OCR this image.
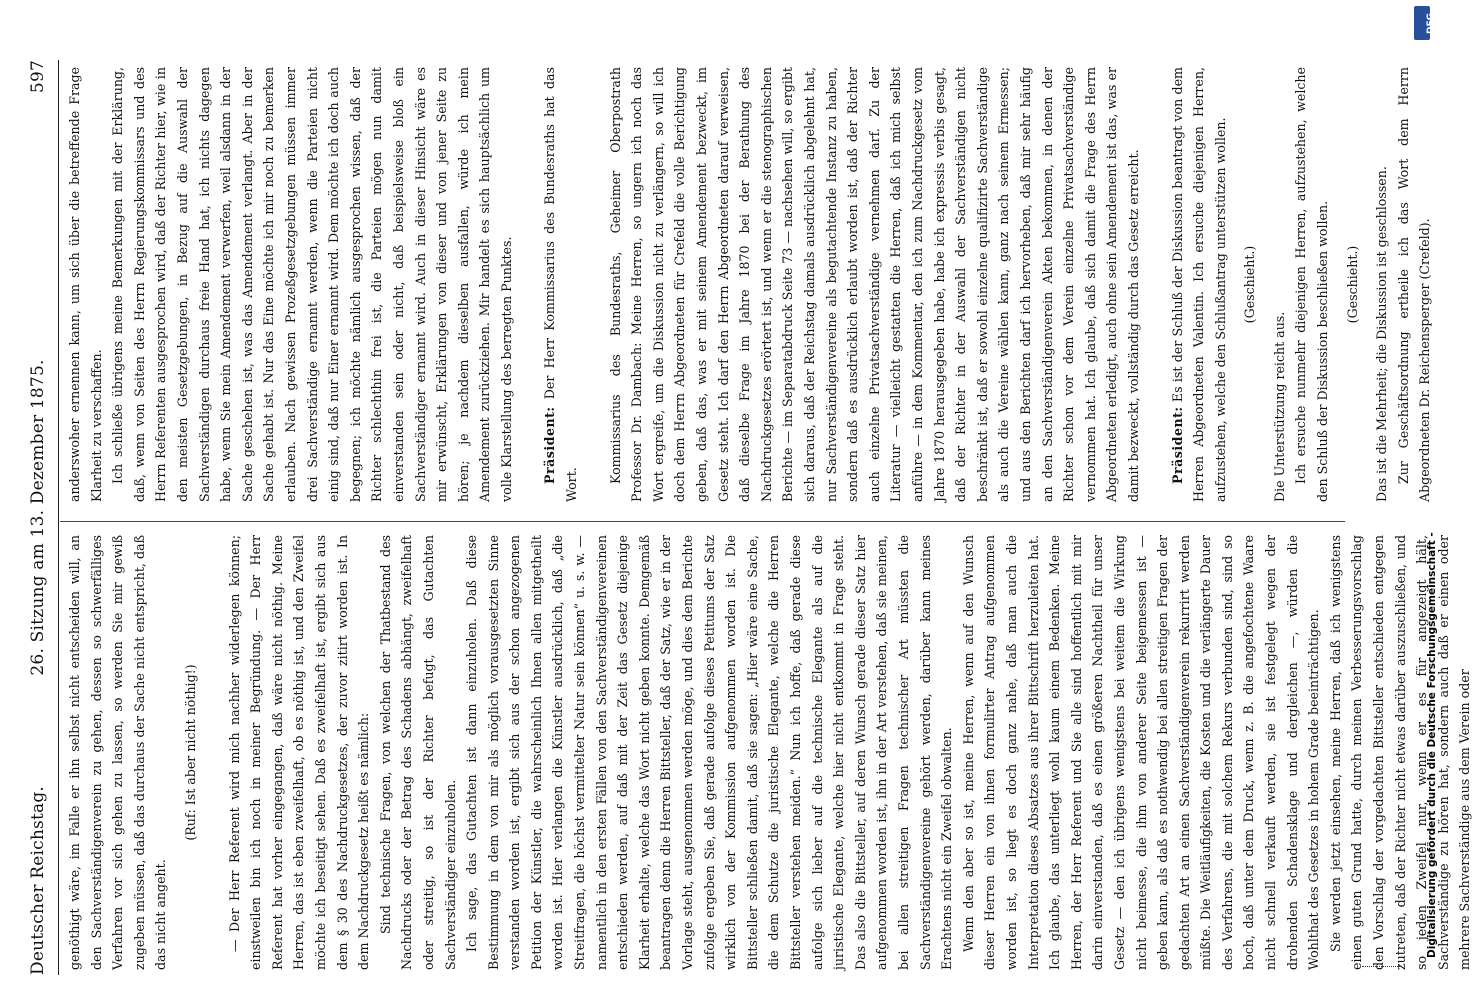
Deutscher Reichstag.
26. Sitzung am 13. Dezember 1875.
597

genöthigt wäre, im Falle er ihn selbst nicht entscheiden will, an den Sachverständigenverein zu gehen, dessen so schwerfälliges Verfahren vor sich gehen zu lassen, so werden Sie mir gewiß zugeben müssen, daß das durchaus der Sache nicht entspricht, daß das nicht angeht.

(Ruf: Ist aber nicht nöthig!) — Der Herr Referent wird mich nachher widerlegen können; einstweilen bin ich noch in meiner Begründung. — Der Herr Referent hat vorher eingegangen, daß wäre nicht nöthig. Meine Herren, das ist eben zweifelhaft, ob es nöthig ist, und den Zweifel möchte ich beseitigt sehen. Daß es zweifelhaft ist, ergibt sich aus dem § 30 des Nachdruckgesetzes, der zuvor zitirt worden ist. In dem Nachdruckgesetz heißt es nämlich: Sind technische Fragen, von welchen der Thatbestand des Nachdrucks oder der Betrag des Schadens abhängt, zweifelhaft oder streitig, so ist der Richter befugt, das Gutachten Sachverständiger einzuholen. Ich sage, das Gutachten ist dann einzuholen. Daß diese Bestimmung in dem von mir als möglich vorausgesetzten Sinne verstanden worden ist, ergibt sich aus der schon angezogenen Petition der Künstler, die wahrscheinlich Ihnen allen mitgetheilt worden ist. Hier verlangen die Künstler ausdrücklich, daß „die Streitfragen, die höchst vermittelter Natur sein können“ u. s. w. — namentlich in den ersten Fällen von den Sachverständigenvereinen entschieden werden, auf daß mit der Zeit das Gesetz diejenige Klarheit erhalte, welche das Wort nicht geben konnte. Demgemäß beantragen denn die Herren Bittsteller, daß der Satz, wie er in der Vorlage steht, ausgenommen werden möge, und dies dem Berichte zufolge ergeben Sie, daß gerade aufolge dieses Petitums der Satz wirklich von der Kommission aufgenommen worden ist. Die Bittsteller schließen damit, daß sie sagen: „Hier wäre eine Sache, die dem Schutze die juristische Elegante, welche die Herren Bittsteller verstehen meiden.“ Nun ich hoffe, daß gerade diese aufolge sich lieber auf die technische Elegante als auf die juristische Elegante, welche hier nicht entkommt in Frage steht. Das also die Bittsteller, auf deren Wunsch gerade dieser Satz hier aufgenommen worden ist, ihn in der Art verstehen, daß sie meinen, bei allen streitigen Fragen technischer Art müssten die Sachverständigenvereine gehört werden, darüber kann meines Erachtens nicht ein Zweifel obwalten. Wenn den aber so ist, meine Herren, wenn auf den Wunsch dieser Herren ein von ihnen formulirter Antrag aufgenommen worden ist, so liegt es doch ganz nahe, daß man auch die Interpretation dieses Absatzes aus ihrer Bittschrift herzuleiten hat. Ich glaube, das unterliegt wohl kaum einem Bedenken. Meine Herren, der Herr Referent und Sie alle sind hoffentlich mit mir darin einverstanden, daß es einen größeren Nachtheil für unser Gesetz — den ich übrigens wenigstens bei weitem die Wirkung nicht beimesse, die ihm von anderer Seite beigemessen ist — geben kann, als daß es nothwendig bei allen streitigen Fragen der gedachten Art an einen Sachverständigenverein rekurrirt werden müßte. Die Weitläufigkeiten, die Kosten und die verlängerte Dauer des Verfahrens, die mit solchem Rekurs verbunden sind, sind so hoch, daß unter dem Druck, wenn z. B. die angefochtene Waare nicht schnell verkauft werden, sie ist festgelegt wegen der drohenden Schadensklage und dergleichen —, würden die Wohlthat des Gesetzes in hohem Grade beeinträchtigen. Sie werden jetzt einsehen, meine Herren, daß ich wenigstens einen guten Grund hatte, durch meinen Verbesserungsvorschlag den Vorschlag der vorgedachten Bittsteller entschieden entgegen zutreten, daß der Richter nicht etwas darüber auszuschließen, und so jeden Zweifel nur, wenn er es für angezeigt hält, Sachverständige zu hören hat, sondern auch daß er einen oder mehrere Sachverständige aus dem Verein oder

anderswoher ernennen kann, um sich über die betreffende Frage Klarheit zu verschaffen. Ich schließe übrigens meine Bemerkungen mit der Erklärung, daß, wenn von Seiten des Herrn Regierungskommissars und des Herrn Referenten ausgesprochen wird, daß der Richter hier, wie in den meisten Gesetzgebungen, in Bezug auf die Auswahl der Sachverständigen durchaus freie Hand hat, ich nichts dagegen habe, wenn Sie mein Amendement verwerfen, weil alsdann in der Sache geschehen ist, was das Amendement verlangt. Aber in der Sache gehabt ist. Nur das Eine möchte ich mir noch zu bemerken erlauben. Nach gewissen Prozeßgesetzgebungen müssen immer drei Sachverständige ernannt werden, wenn die Parteien nicht einig sind, daß nur Einer ernannt wird. Dem möchte ich doch auch begegnen; ich möchte nämlich ausgesprochen wissen, daß der Richter schlechthin frei ist, die Parteien mögen nun damit einverstanden sein oder nicht, daß beispielsweise bloß ein Sachverständiger ernannt wird. Auch in dieser Hinsicht wäre es mir erwünscht, Erklärungen von dieser und von jener Seite zu hören; je nachdem dieselben ausfallen, würde ich mein Amendement zurückziehen. Mir handelt es sich hauptsächlich um volle Klarstellung des berregten Punktes. Präsident: Der Herr Kommissarius des Bundesraths hat das Wort.

Kommissarius des Bundesraths, Geheimer Oberpostrath Professor Dr. Dambach: Meine Herren, so ungern ich noch das Wort ergreife, um die Diskussion nicht zu verlängern, so will ich doch dem Herrn Abgeordneten für Crefeld die volle Berichtigung geben, daß das, was er mit seinem Amendement bezweckt, im Gesetz steht. Ich darf den Herrn Abgeordneten darauf verweisen, daß dieselbe Frage im Jahre 1870 bei der Berathung des Nachdruckgesetzes erörtert ist, und wenn er die stenographischen Berichte — im Separatabdruck Seite 73 — nachsehen will, so ergibt sich daraus, daß der Reichstag damals ausdrücklich abgelehnt hat, nur Sachverständigenvereine als begutachtende Instanz zu haben, sondern daß es ausdrücklich erlaubt worden ist, daß der Richter auch einzelne Privatsachverständige vernehmen darf. Zu der Literatur — vielleicht gestatten die Herren, daß ich mich selbst anführe — in dem Kommentar, den ich zum Nachdruckgesetz vom Jahre 1870 herausgegeben habe, habe ich expressis verbis gesagt, daß der Richter in der Auswahl der Sachverständigen nicht beschränkt ist, daß er sowohl einzelne qualifizirte Sachverständige als auch die Vereine wählen kann, ganz nach seinem Ermessen; und aus den Berichten darf ich hervorheben, daß mir sehr häufig an den Sachverständigenverein Akten bekommen, in denen der Richter schon vor dem Verein einzelne Privatsachverständige vernommen hat. Ich glaube, daß sich damit die Frage des Herrn Abgeordneten erledigt, auch ohne sein Amendement ist das, was er damit bezweckt, vollständig durch das Gesetz erreicht. Präsident: Es ist der Schluß der Diskussion beantragt von dem Herren Abgeordneten Valentin. Ich ersuche diejenigen Herren, aufzustehen, welche den Schlußantrag unterstützen wollen. (Geschieht.)

Die Unterstützung reicht aus. Ich ersuche nunmehr diejenigen Herren, aufzustehen, welche den Schluß der Diskussion beschließen wollen. (Geschieht.) Das ist die Mehrheit; die Diskussion ist geschlossen. Zur Geschäftsordnung ertheile ich das Wort dem Herrn Abgeordneten Dr. Reichensperger (Crefeld).

DFG
Digitalisierung gefördert durch die Deutsche Forschungsgemeinschaft -
